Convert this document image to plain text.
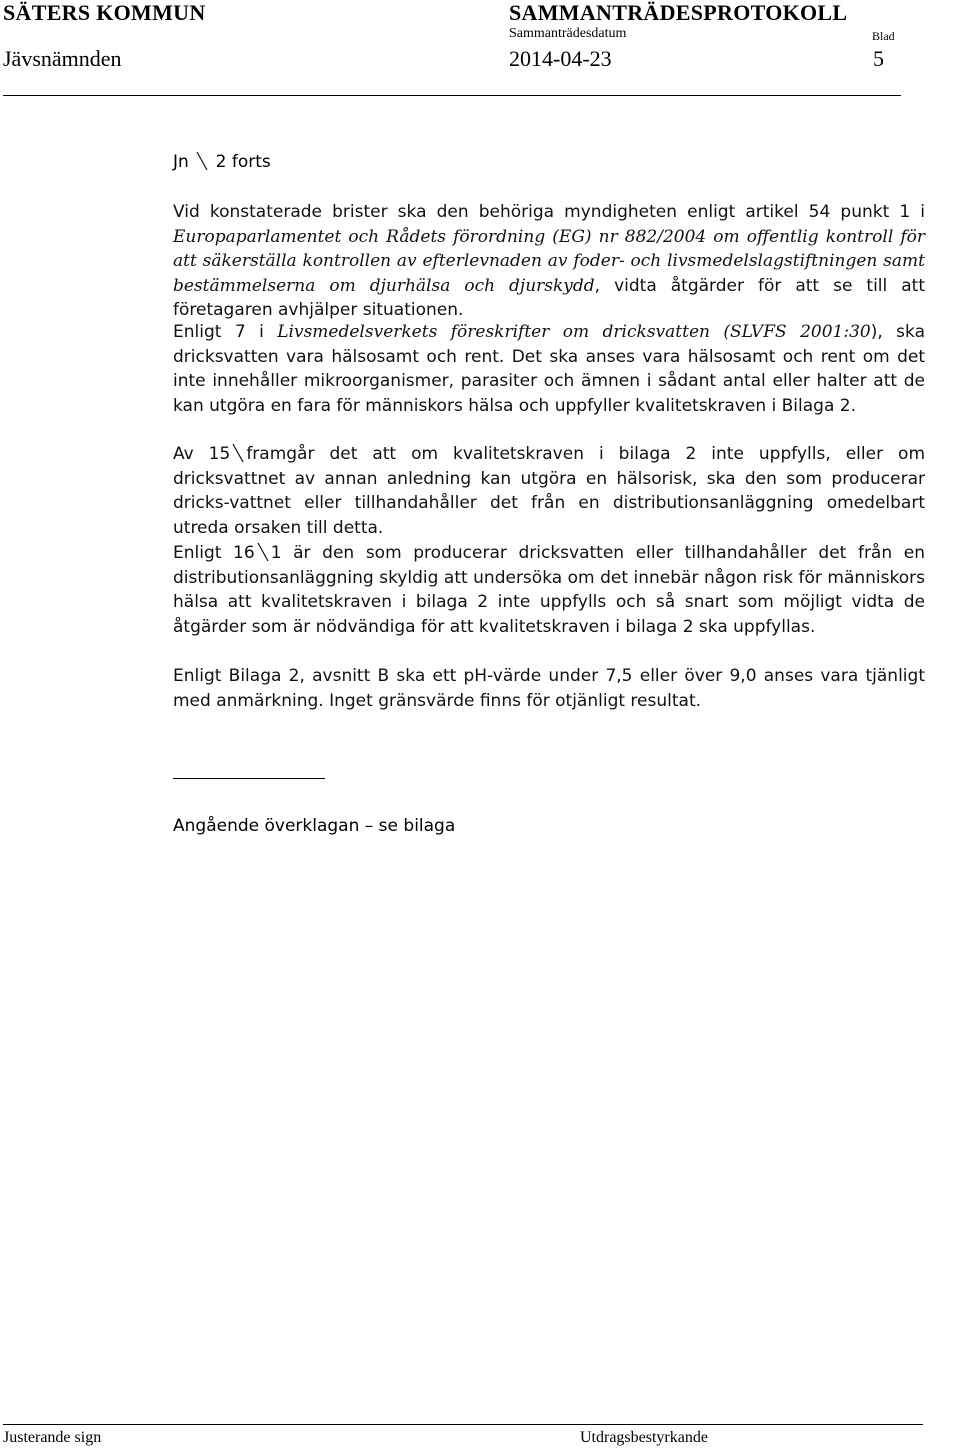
SÄTERS KOMMUN	SAMMANTRÄDESPROTOKOLL
Sammanträdesdatum	Blad
Jävsnämnden	2014-04-23	5
Jn 2 forts

Vid konstaterade brister ska den behöriga myndigheten enligt artikel 54 punkt 1 i Europaparlamentet och Rådets förordning (EG) nr 882/2004 om offentlig kontroll för att säkerställa kontrollen av efterlevnaden av foder- och livsmedelslagstiftningen samt bestämmelserna om djurhälsa och djurskydd, vidta åtgärder för att se till att företagaren avhjälper situationen.

Enligt 7 i Livsmedelsverkets föreskrifter om dricksvatten (SLVFS 2001:30), ska dricksvatten vara hälsosamt och rent. Det ska anses vara hälsosamt och rent om det inte innehåller mikroorganismer, parasiter och ämnen i sådant antal eller halter att de kan utgöra en fara för människors hälsa och uppfyller kvalitetskraven i Bilaga 2.

Av 15 framgår det att om kvalitetskraven i bilaga 2 inte uppfylls, eller om dricksvattnet av annan anledning kan utgöra en hälsorisk, ska den som producerar dricks-vattnet eller tillhandahåller det från en distributionsanläggning omedelbart utreda orsaken till detta.

Enligt 16 1 är den som producerar dricksvatten eller tillhandahåller det från en distributionsanläggning skyldig att undersöka om det innebär någon risk för människors hälsa att kvalitetskraven i bilaga 2 inte uppfylls och så snart som möjligt vidta de åtgärder som är nödvändiga för att kvalitetskraven i bilaga 2 ska uppfyllas.

Enligt Bilaga 2, avsnitt B ska ett pH-värde under 7,5 eller över 9,0 anses vara tjänligt med anmärkning. Inget gränsvärde finns för otjänligt resultat.

Angående överklagan – se bilaga
Justerande sign	Utdragsbestyrkande
